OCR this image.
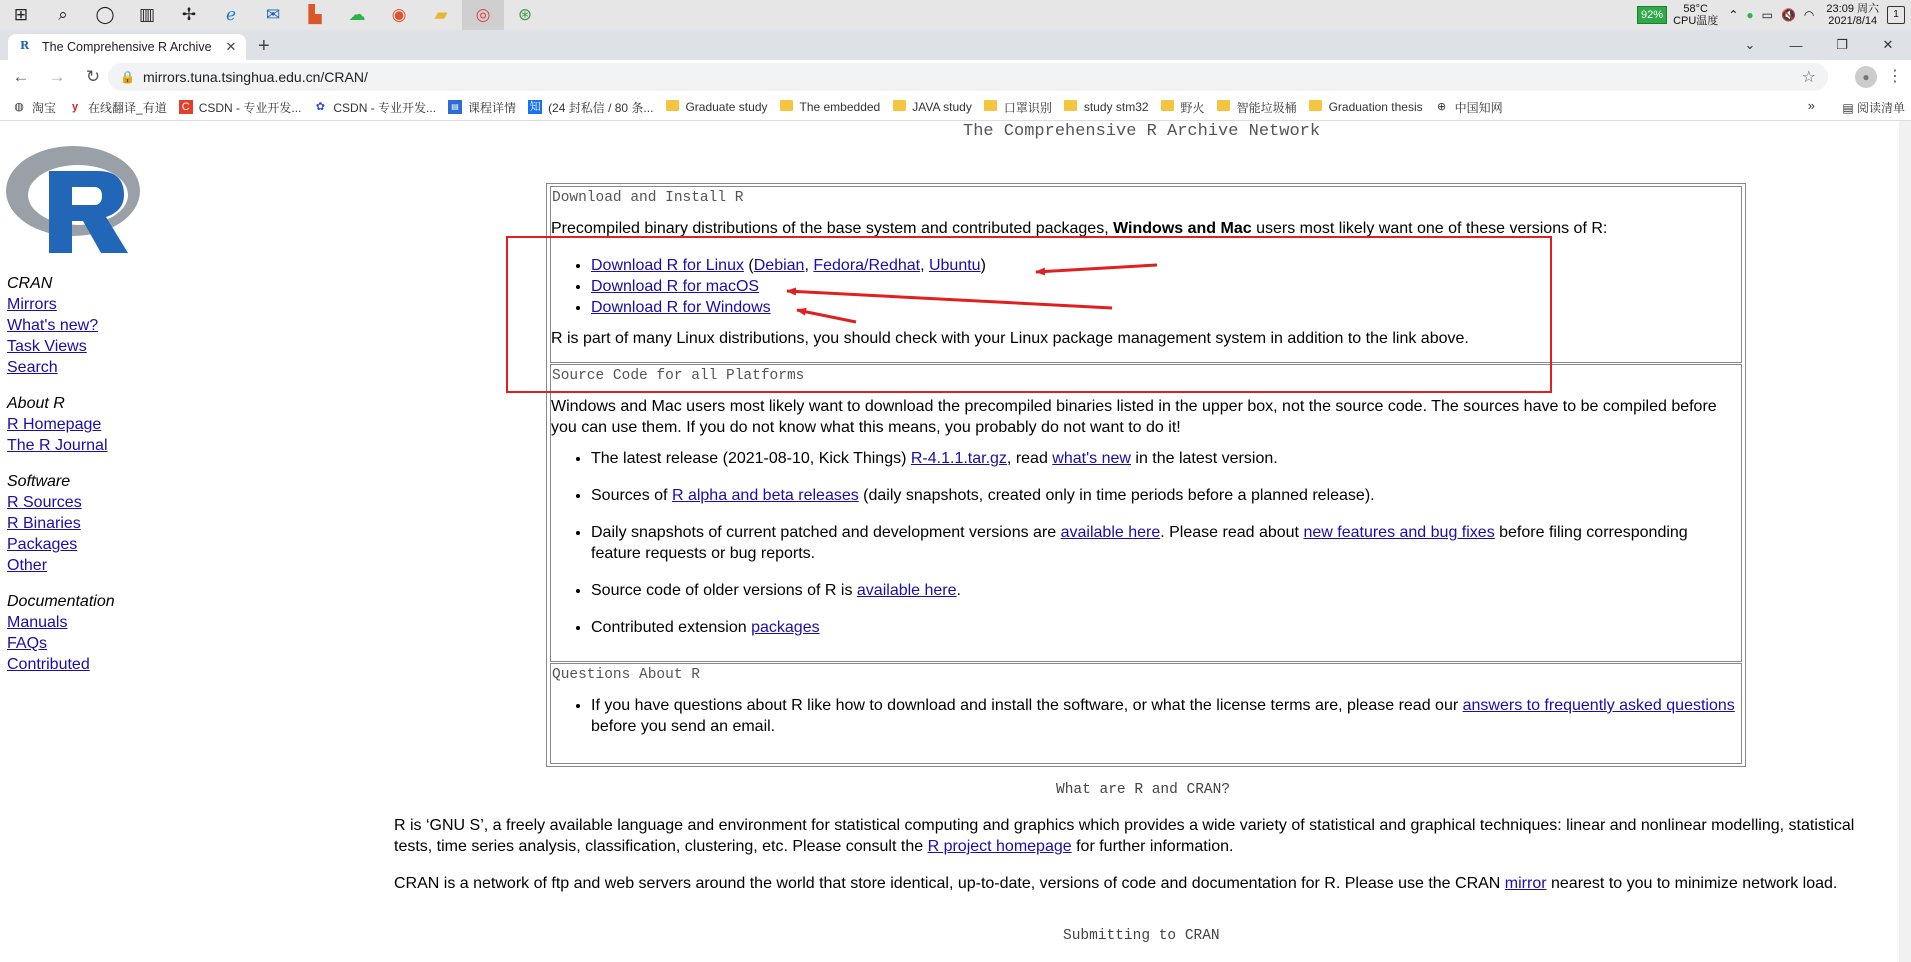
⊞	⌕	◯	▥	✢	ℯ	✉	▙	☁	◉	▰	◎	⊛	92%	58°C
CPU温度 ⌃ ● ▭ 🔇 ◠ 23:09 周六
2021/8/14
1
R	The Comprehensive R Archive	✕ +	⌄	—	❐	✕
←	→	↻	🔒 mirrors.tuna.tsinghua.edu.cn/CRAN/	☆	●	⋮
◍ 淘宝	y 在线翻译_有道 C CSDN - 专业开发... ✿ CSDN - 专业开发...	▤ 课程详情 知 (24 封私信 / 80 条...	Graduate study	The embedded	JAVA study	口罩识别	study stm32	野火	智能垃圾桶	Graduation thesis ⊕ 中国知网	» ▤ 阅读清单
CRAN
Mirrors
What's new?
Task Views
Search
About R
R Homepage
The R Journal
Software
R Sources
R Binaries
Packages
Other
Documentation
Manuals
FAQs
Contributed
The Comprehensive R Archive Network
Download and Install R

Precompiled binary distributions of the base system and contributed packages, Windows and Mac users most likely want one of these versions of R:

• Download R for Linux (Debian, Fedora/Redhat, Ubuntu)
• Download R for macOS
• Download R for Windows

R is part of many Linux distributions, you should check with your Linux package management system in addition to the link above.

Source Code for all Platforms

Windows and Mac users most likely want to download the precompiled binaries listed in the upper box, not the source code. The sources have to be compiled before you can use them. If you do not know what this means, you probably do not want to do it!

• The latest release (2021-08-10, Kick Things) R-4.1.1.tar.gz, read what's new in the latest version.
• Sources of R alpha and beta releases (daily snapshots, created only in time periods before a planned release).
• Daily snapshots of current patched and development versions are available here. Please read about new features and bug fixes before filing corresponding feature requests or bug reports.
• Source code of older versions of R is available here.
• Contributed extension packages
Questions About R
• If you have questions about R like how to download and install the software, or what the license terms are, please read our answers to frequently asked questions before you send an email.
What are R and CRAN?

R is ‘GNU S’, a freely available language and environment for statistical computing and graphics which provides a wide variety of statistical and graphical techniques: linear and nonlinear modelling, statistical tests, time series analysis, classification, clustering, etc. Please consult the R project homepage for further information.

CRAN is a network of ftp and web servers around the world that store identical, up-to-date, versions of code and documentation for R. Please use the CRAN mirror nearest to you to minimize network load.

Submitting to CRAN
